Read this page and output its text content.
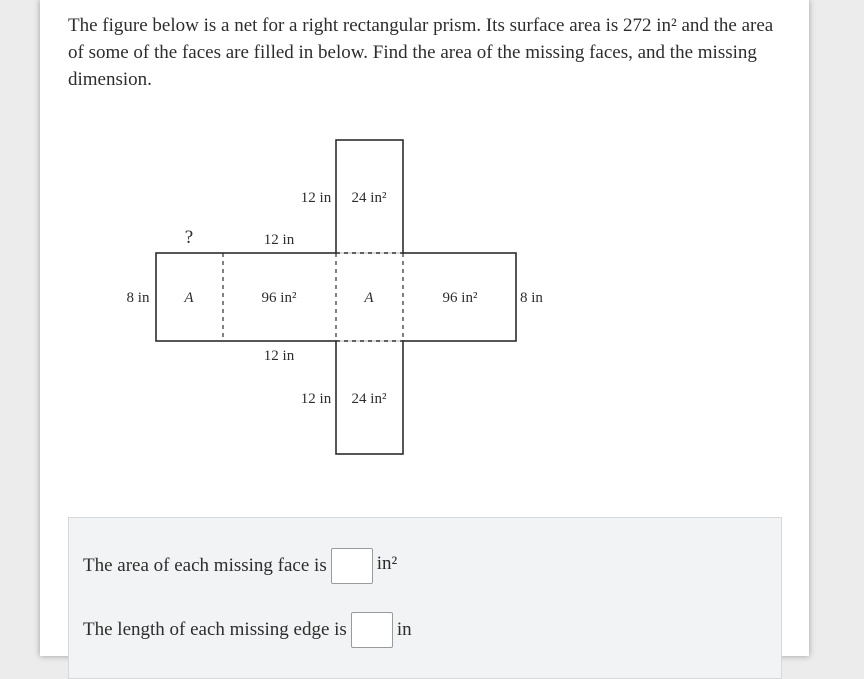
The figure below is a net for a right rectangular prism. Its surface area is 272 in² and the area of some of the faces are filled in below. Find the area of the missing faces, and the missing dimension.

12 in 24 in²
?	12 in
8 in A	96 in²	A	96 in²	8 in
12 in
12 in 24 in²
The area of each missing face is	in²
The length of each missing edge is	in
